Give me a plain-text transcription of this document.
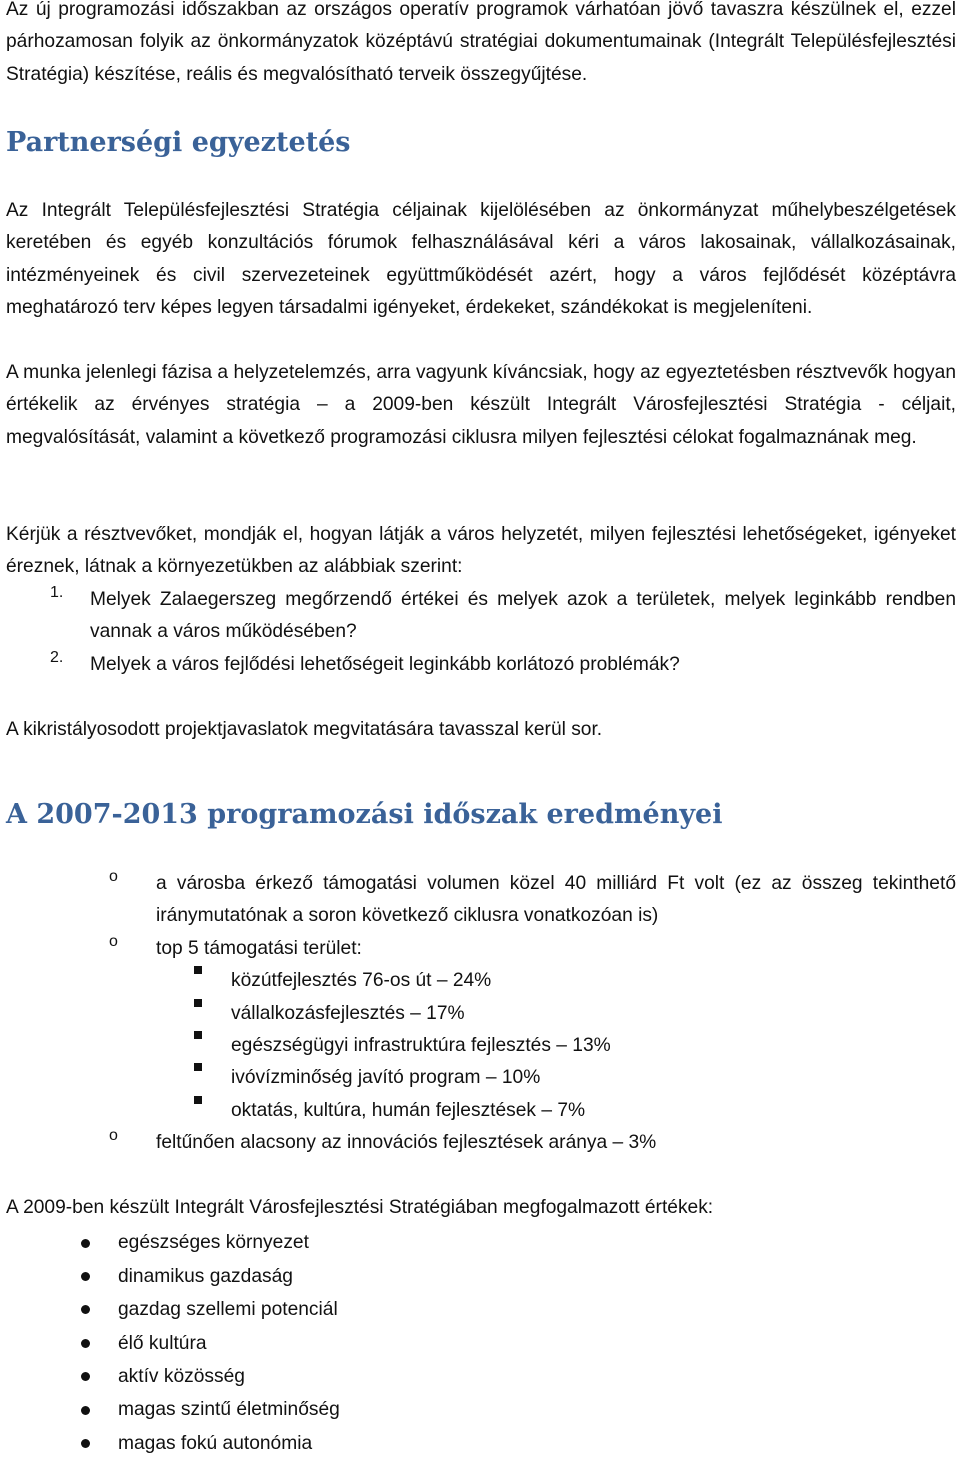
Az új programozási időszakban az országos operatív programok várhatóan jövő tavaszra készülnek el, ezzel párhozamosan folyik az önkormányzatok középtávú stratégiai dokumentumainak (Integrált Településfejlesztési Stratégia) készítése, reális és megvalósítható terveik összegyűjtése.

Partnerségi egyeztetés

Az Integrált Településfejlesztési Stratégia céljainak kijelölésében az önkormányzat műhelybeszélgetések keretében és egyéb konzultációs fórumok felhasználásával kéri a város lakosainak, vállalkozásainak, intézményeinek és civil szervezeteinek együttműködését azért, hogy a város fejlődését középtávra meghatározó terv képes legyen társadalmi igényeket, érdekeket, szándékokat is megjeleníteni.

A munka jelenlegi fázisa a helyzetelemzés, arra vagyunk kíváncsiak, hogy az egyeztetésben résztvevők hogyan értékelik az érvényes stratégia – a 2009-ben készült Integrált Városfejlesztési Stratégia - céljait, megvalósítását, valamint a következő programozási ciklusra milyen fejlesztési célokat fogalmaznának meg.

Kérjük a résztvevőket, mondják el, hogyan látják a város helyzetét, milyen fejlesztési lehetőségeket, igényeket éreznek, látnak a környezetükben az alábbiak szerint:

1.	Melyek Zalaegerszeg megőrzendő értékei és melyek azok a területek, melyek leginkább rendben vannak a város működésében?

2.	Melyek a város fejlődési lehetőségeit leginkább korlátozó problémák?

A kikristályosodott projektjavaslatok megvitatására tavasszal kerül sor.

A 2007-2013 programozási időszak eredményei
o	a városba érkező támogatási volumen közel 40 milliárd Ft volt (ez az összeg tekinthető iránymutatónak a soron következő ciklusra vonatkozóan is)

o	top 5 támogatási terület:

közútfejlesztés 76-os út – 24%

vállalkozásfejlesztés – 17%

egészségügyi infrastruktúra fejlesztés – 13%

ivóvízminőség javító program – 10%

oktatás, kultúra, humán fejlesztések – 7%

o	feltűnően alacsony az innovációs fejlesztések aránya – 3%

A 2009-ben készült Integrált Városfejlesztési Stratégiában megfogalmazott értékek:

egészséges környezet

dinamikus gazdaság

gazdag szellemi potenciál

élő kultúra

aktív közösség

magas szintű életminőség

magas fokú autonómia
